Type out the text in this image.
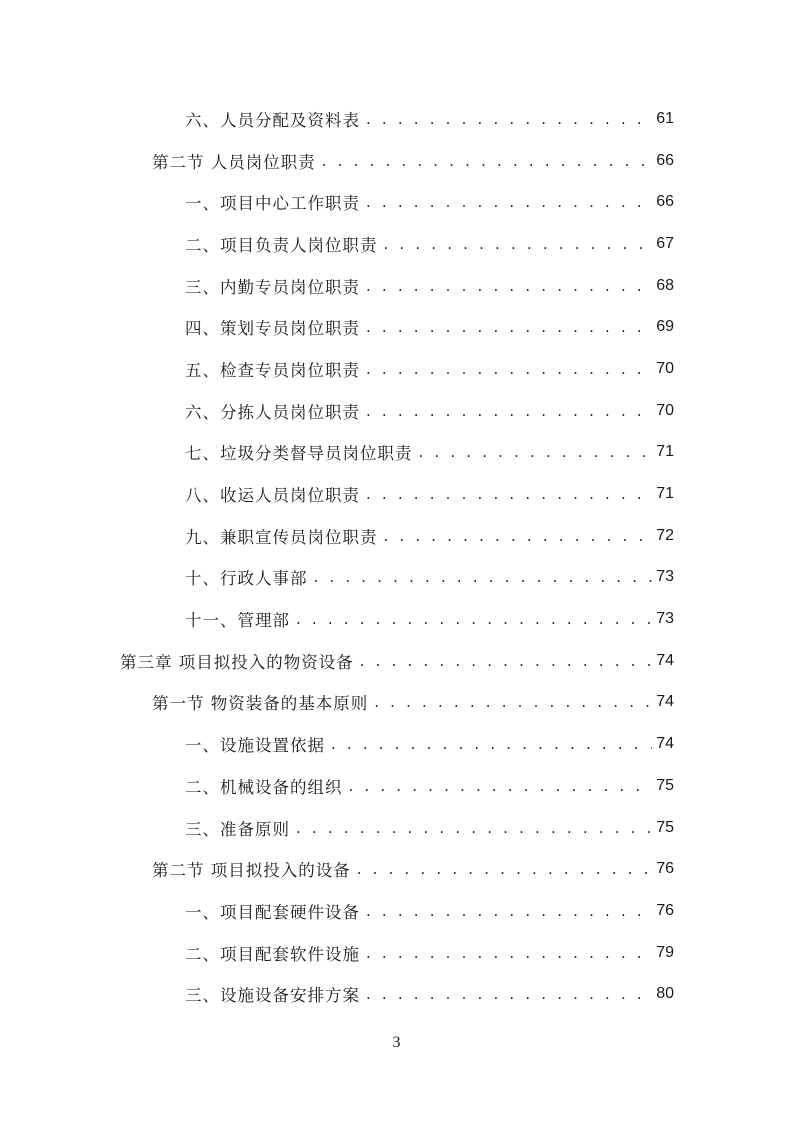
六、人员分配及资料表 . . .	61
第二节 人员岗位职责 . . .	66
一、项目中心工作职责 . . .	66
二、项目负责人岗位职责 . . .	67
三、内勤专员岗位职责 . . .	68
四、策划专员岗位职责 . . .	69
五、检查专员岗位职责 . . .	70
六、分拣人员岗位职责 . . .	70
七、垃圾分类督导员岗位职责 . . .	71
八、收运人员岗位职责 . . .	71
九、兼职宣传员岗位职责 . . .	72
十、行政人事部 . . .	73
十一、管理部 . . .	73
第三章 项目拟投入的物资设备 . . .	74
第一节 物资装备的基本原则 . . .	74
一、设施设置依据 . . .	74
二、机械设备的组织 . . .	75
三、准备原则 . . .	75
第二节 项目拟投入的设备 . . .	76
一、项目配套硬件设备 . . .	76
二、项目配套软件设施 . . .	79
三、设施设备安排方案 . . .	80
3
